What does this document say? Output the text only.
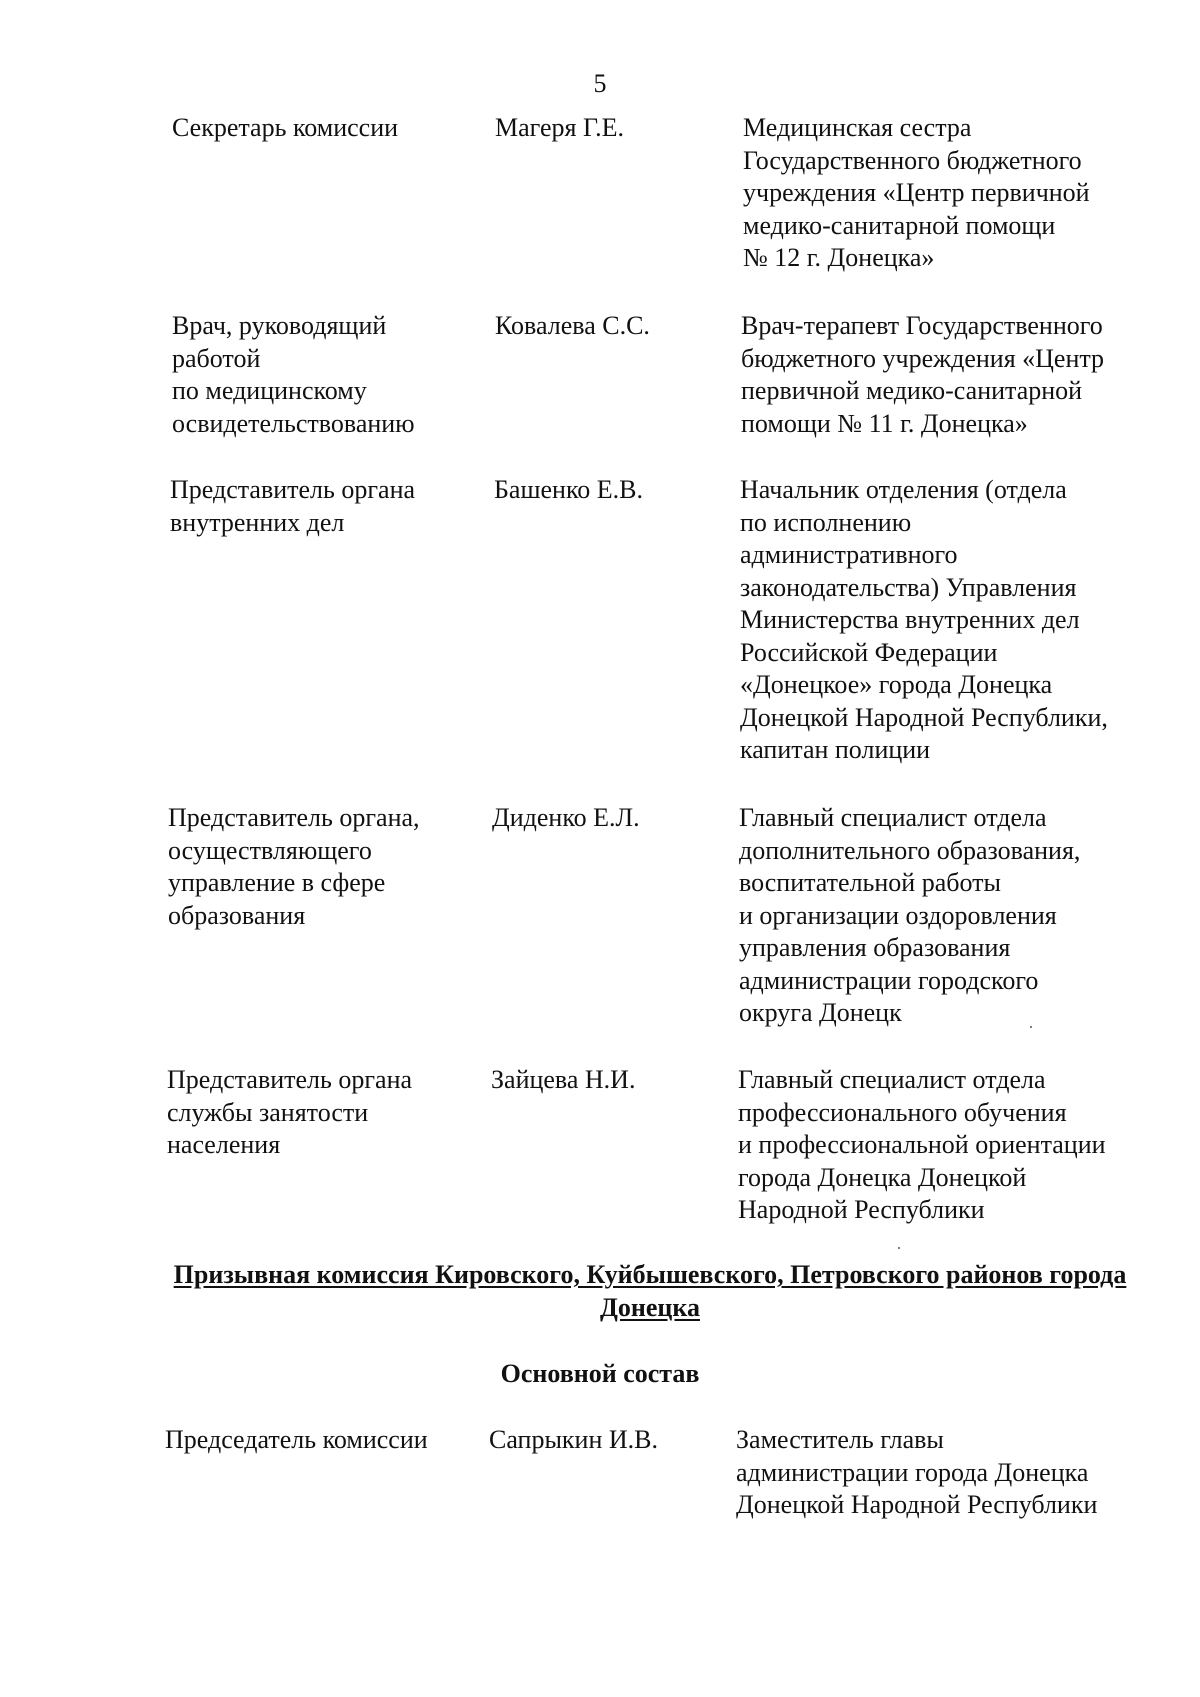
5
Секретарь комиссии	Магеря Г.Е.	Медицинская сестра
Государственного бюджетного
учреждения «Центр первичной
медико-санитарной помощи
№ 12 г. Донецка»
Врач, руководящий
работой
по медицинскому
освидетельствованию
Ковалева С.С.	Врач-терапевт Государственного
бюджетного учреждения «Центр
первичной медико-санитарной
помощи № 11 г. Донецка»
Представитель органа
внутренних дел
Башенко Е.В.	Начальник отделения (отдела
по исполнению
административного
законодательства) Управления
Министерства внутренних дел
Российской Федерации
«Донецкое» города Донецка
Донецкой Народной Республики,
капитан полиции
Представитель органа,
осуществляющего
управление в сфере
образования
Диденко Е.Л.	Главный специалист отдела
дополнительного образования,
воспитательной работы
и организации оздоровления
управления образования
администрации городского
округа Донецк
Представитель органа
службы занятости
населения
Зайцева Н.И.	Главный специалист отдела
профессионального обучения
и профессиональной ориентации
города Донецка Донецкой
Народной Республики
Призывная комиссия Кировского, Куйбышевского, Петровского районов города Донецка
Основной состав
Председатель комиссии	Сапрыкин И.В.	Заместитель главы
администрации города Донецка
Донецкой Народной Республики
